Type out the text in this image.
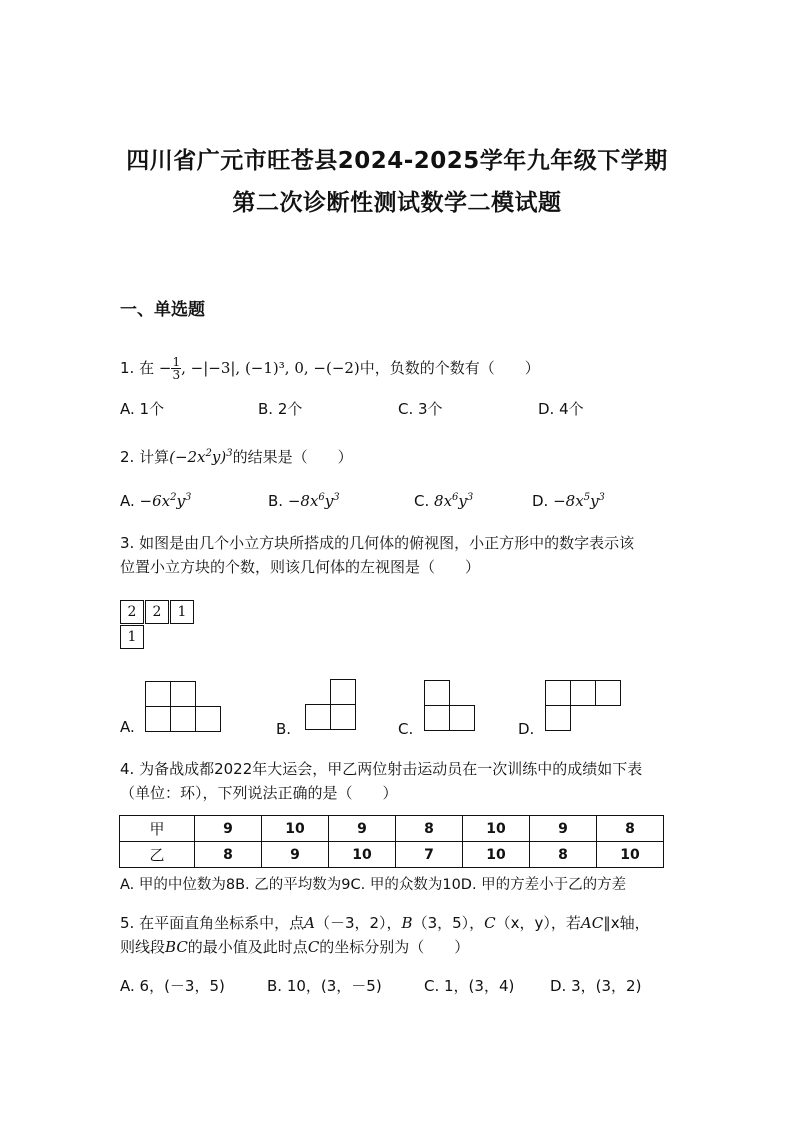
四川省广元市旺苍县2024-2025学年九年级下学期
第二次诊断性测试数学二模试题
一、单选题
1. 在 − $\frac{1}{3}$ , −|−3|, (−1)³, 0, −(−2)中，负数的个数有（　　）
A. 1个	B. 2个	C. 3个	D. 4个
2. 计算$(-2x^2y)^3$的结果是（　　）
A. $-6x^2y^3$	B. $-8x^6y^3$	C. $8x^6y^3$	D. $-8x^5y^3$
3. 如图是由几个小立方块所搭成的几何体的俯视图，小正方形中的数字表示该
位置小立方块的个数，则该几何体的左视图是（　　）
2	2	1
1
A.	B.	C.	D.
4. 为备战成都2022年大运会，甲乙两位射击运动员在一次训练中的成绩如下表
（单位：环），下列说法正确的是（　　）
甲	9	10	9	8	10	9	8
乙	8	9	10	7	10	8	10
A. 甲的中位数为8B. 乙的平均数为9C. 甲的众数为10D. 甲的方差小于乙的方差
5. 在平面直角坐标系中，点A（－3，2），B（3，5），C（x，y），若AC∥x轴，
则线段BC的最小值及此时点C的坐标分别为（　　）
A. 6，(－3，5)	B. 10，(3，－5)	C. 1，(3，4) D. 3，(3，2)
